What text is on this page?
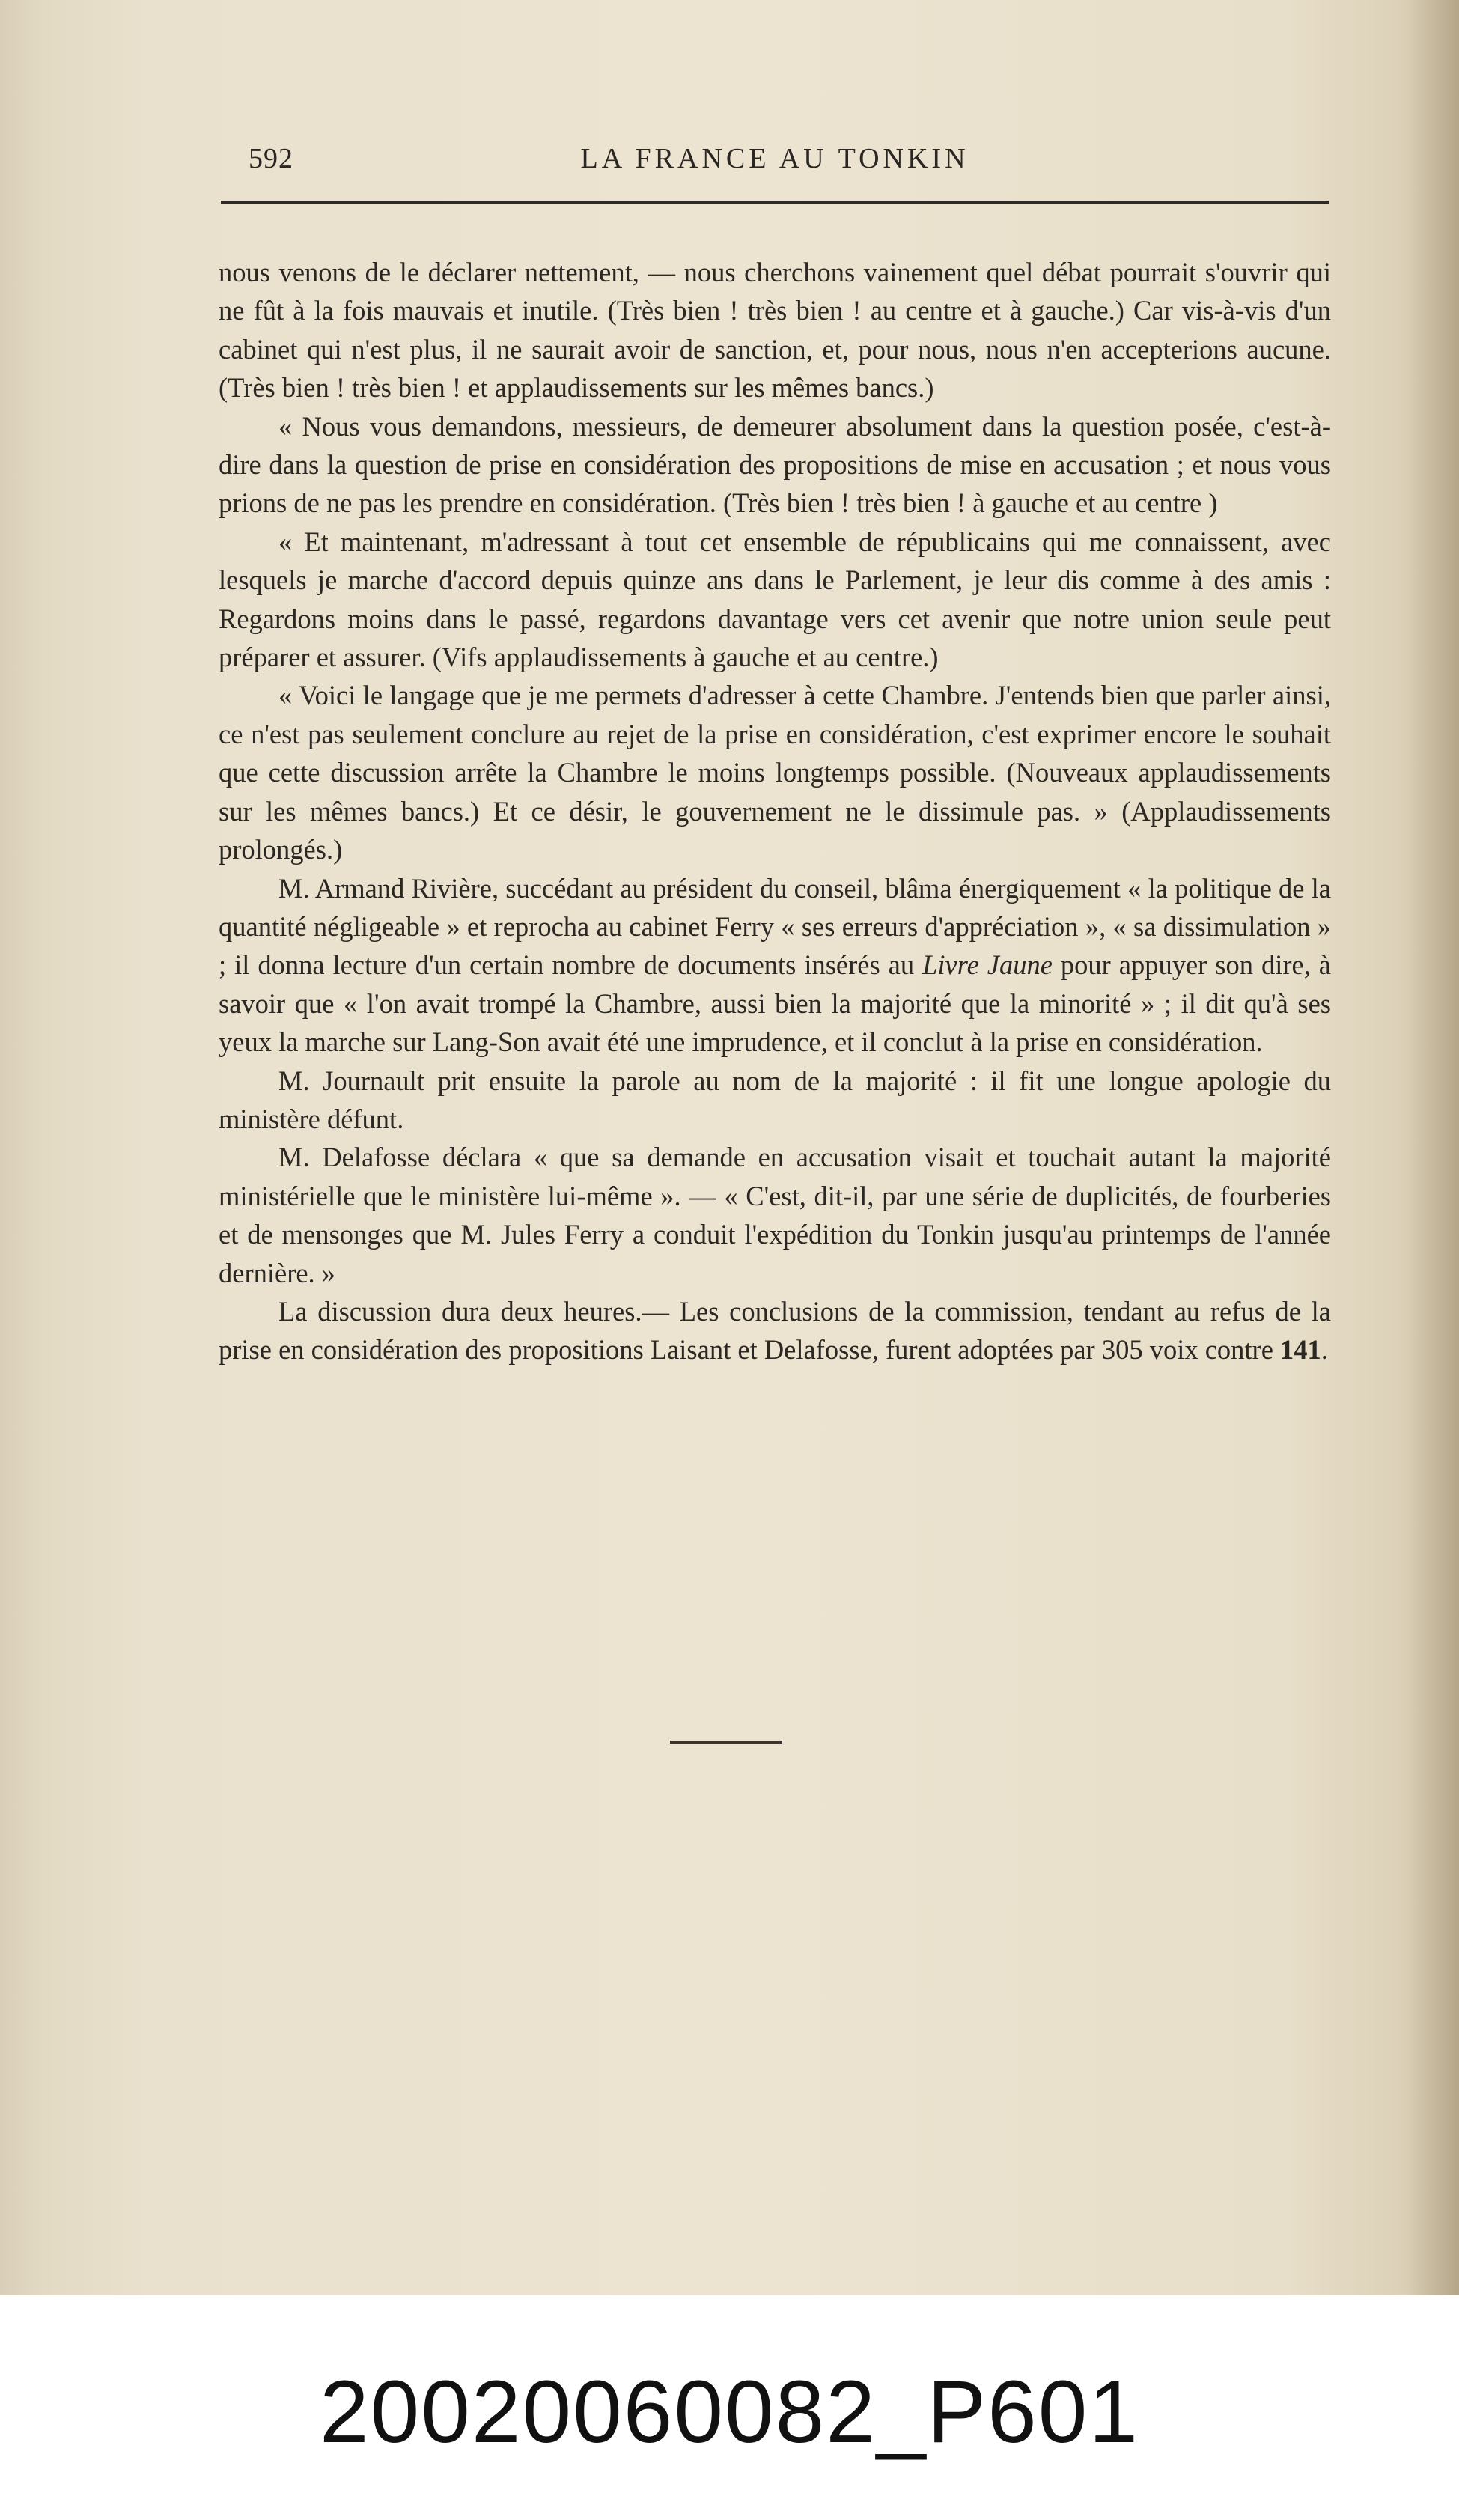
592	LA FRANCE AU TONKIN

nous venons de le déclarer nettement, — nous cherchons vainement quel débat pourrait s'ouvrir qui ne fût à la fois mauvais et inutile. (Très bien ! très bien ! au centre et à gauche.) Car vis-à-vis d'un cabinet qui n'est plus, il ne saurait avoir de sanction, et, pour nous, nous n'en accepterions aucune. (Très bien ! très bien ! et applaudissements sur les mêmes bancs.)

« Nous vous demandons, messieurs, de demeurer absolument dans la question posée, c'est-à-dire dans la question de prise en considération des propositions de mise en accusation ; et nous vous prions de ne pas les prendre en considération. (Très bien ! très bien ! à gauche et au centre )

« Et maintenant, m'adressant à tout cet ensemble de républicains qui me connaissent, avec lesquels je marche d'accord depuis quinze ans dans le Parlement, je leur dis comme à des amis : Regardons moins dans le passé, regardons davantage vers cet avenir que notre union seule peut préparer et assurer. (Vifs applaudissements à gauche et au centre.)

« Voici le langage que je me permets d'adresser à cette Chambre. J'entends bien que parler ainsi, ce n'est pas seulement conclure au rejet de la prise en considération, c'est exprimer encore le souhait que cette discussion arrête la Chambre le moins longtemps possible. (Nouveaux applaudissements sur les mêmes bancs.) Et ce désir, le gouvernement ne le dissimule pas. » (Applaudissements prolongés.)

M. Armand Rivière, succédant au président du conseil, blâma énergiquement « la politique de la quantité négligeable » et reprocha au cabinet Ferry « ses erreurs d'appréciation », « sa dissimulation » ; il donna lecture d'un certain nombre de documents insérés au Livre Jaune pour appuyer son dire, à savoir que « l'on avait trompé la Chambre, aussi bien la majorité que la minorité » ; il dit qu'à ses yeux la marche sur Lang-Son avait été une imprudence, et il conclut à la prise en considération.

M. Journault prit ensuite la parole au nom de la majorité : il fit une longue apologie du ministère défunt.

M. Delafosse déclara « que sa demande en accusation visait et touchait autant la majorité ministérielle que le ministère lui-même ». — « C'est, dit-il, par une série de duplicités, de fourberies et de mensonges que M. Jules Ferry a conduit l'expédition du Tonkin jusqu'au printemps de l'année dernière. »

La discussion dura deux heures.— Les conclusions de la commission, tendant au refus de la prise en considération des propositions Laisant et Delafosse, furent adoptées par 305 voix contre 141.

20020060082_P601
